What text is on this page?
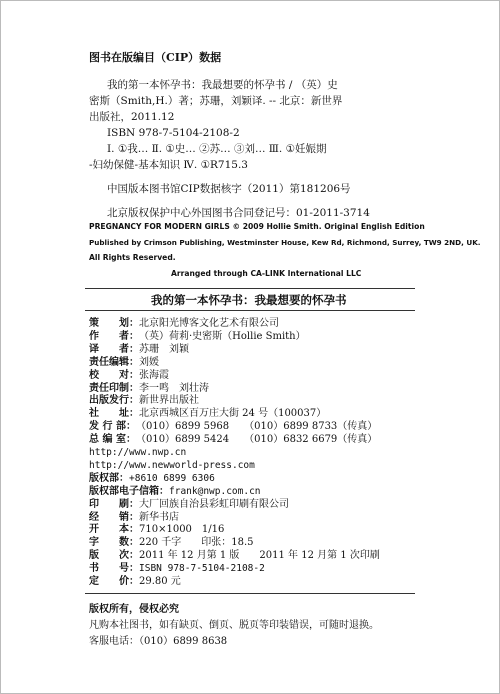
图书在版编目（CIP）数据
我的第一本怀孕书：我最想要的怀孕书 / （英）史
密斯（Smith,H.）著；苏珊，刘颖译. -- 北京：新世界
出版社，2011.12
ISBN 978-7-5104-2108-2
Ⅰ. ①我… Ⅱ. ①史… ②苏… ③刘… Ⅲ. ①妊娠期
-妇幼保健-基本知识 Ⅳ. ①R715.3
中国版本图书馆CIP数据核字（2011）第181206号
北京版权保护中心外国图书合同登记号：01-2011-3714
PREGNANCY FOR MODERN GIRLS © 2009 Hollie Smith. Original English Edition
Published by Crimson Publishing, Westminster House, Kew Rd, Richmond, Surrey, TW9 2ND, UK.
All Rights Reserved.
Arranged through CA-LINK International LLC
我的第一本怀孕书：我最想要的怀孕书
策　　划：北京阳光博客文化艺术有限公司
作　　者：（英）荷莉·史密斯（Hollie Smith）
译　　者：苏珊　刘颖
责任编辑：刘媛
校　　对：张海霞
责任印制：李一鸣　刘壮涛
出版发行：新世界出版社
社　　址：北京西城区百万庄大街 24 号（100037）
发 行 部：（010）6899 5968　　（010）6899 8733（传真）
总 编 室：（010）6899 5424　　（010）6832 6679（传真）
http://www.nwp.cn
http://www.newworld-press.com
版权部：+8610 6899 6306
版权部电子信箱：frank@nwp.com.cn
印　　刷：大厂回族自治县彩虹印刷有限公司
经　　销：新华书店
开　　本：710×1000　1/16
字　　数：220 千字　　印张：18.5
版　　次：2011 年 12 月第 1 版　　2011 年 12 月第 1 次印刷
书　　号：ISBN 978-7-5104-2108-2
定　　价：29.80 元
版权所有，侵权必究
凡购本社图书，如有缺页、倒页、脱页等印装错误，可随时退换。
客服电话：（010）6899 8638
